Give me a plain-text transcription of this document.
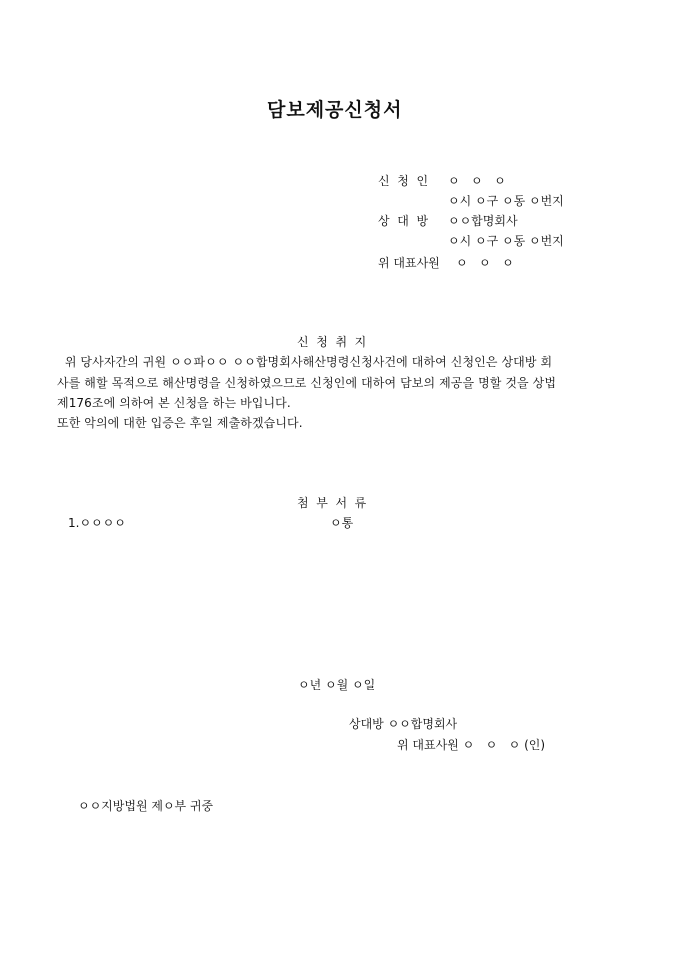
담보제공신청서
신  청  인 ㅇ   ㅇ   ㅇ
ㅇ시 ㅇ구 ㅇ동 ㅇ번지
상  대  방 ㅇㅇ합명회사
ㅇ시 ㅇ구 ㅇ동 ㅇ번지
위 대표사원 ㅇ   ㅇ   ㅇ
신  청  취  지
위 당사자간의 귀원 ㅇㅇ파ㅇㅇ ㅇㅇ합명회사해산명령신청사건에 대하여 신청인은 상대방 회
사를 해할 목적으로 해산명령을 신청하였으므로 신청인에 대하여 담보의 제공을 명할 것을 상법
제176조에 의하여 본 신청을 하는 바입니다.
또한 악의에 대한 입증은 후일 제출하겠습니다.
첨  부  서  류
1.ㅇㅇㅇㅇ	ㅇ통
ㅇ년 ㅇ월 ㅇ일
상대방 ㅇㅇ합명회사
위 대표사원 ㅇ   ㅇ   ㅇ (인)
ㅇㅇ지방법원 제ㅇ부 귀중
